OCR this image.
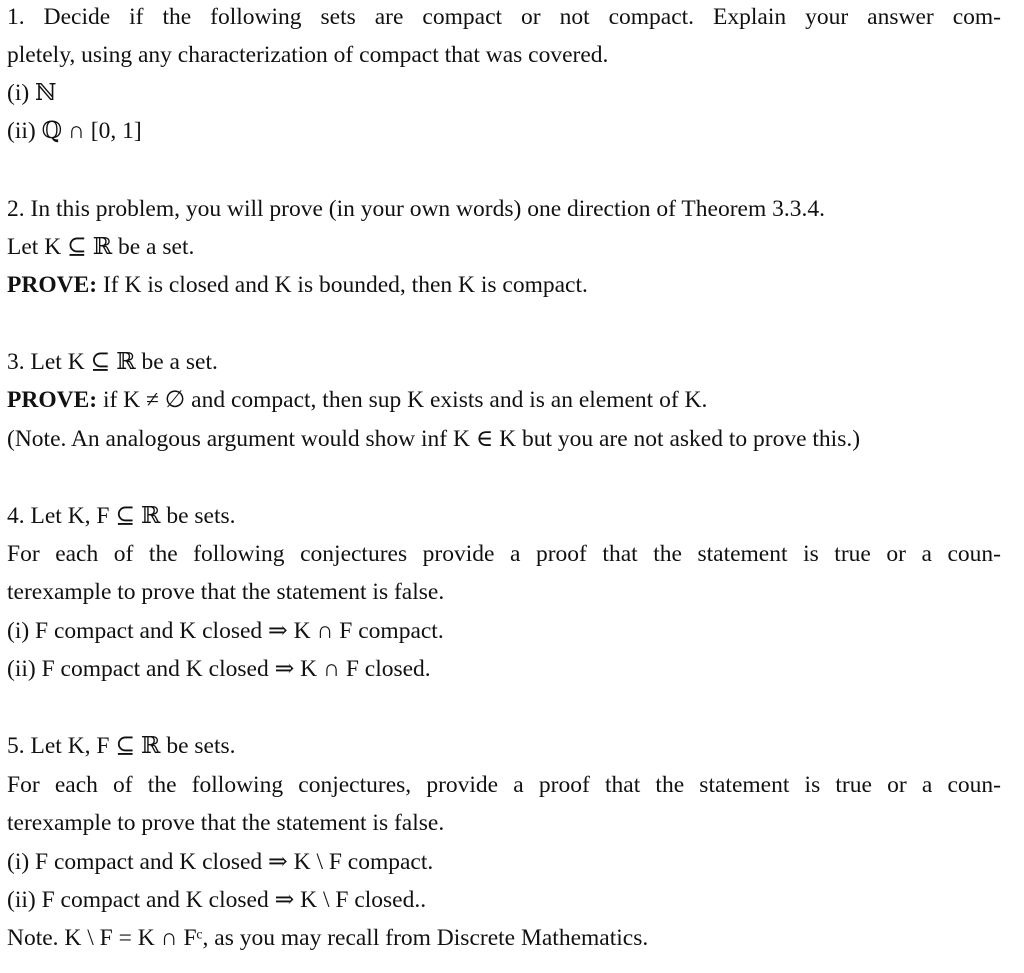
1. Decide if the following sets are compact or not compact. Explain your answer com-
pletely, using any characterization of compact that was covered.
(i) ℕ
(ii) ℚ ∩ [0, 1]
2. In this problem, you will prove (in your own words) one direction of Theorem 3.3.4.
Let K ⊆ ℝ be a set.
PROVE: If K is closed and K is bounded, then K is compact.
3. Let K ⊆ ℝ be a set.
PROVE: if K ≠ ∅ and compact, then sup K exists and is an element of K.
(Note. An analogous argument would show inf K ∈ K but you are not asked to prove this.)
4. Let K, F ⊆ ℝ be sets.
For each of the following conjectures provide a proof that the statement is true or a coun-
terexample to prove that the statement is false.
(i) F compact and K closed ⇒ K ∩ F compact.
(ii) F compact and K closed ⇒ K ∩ F closed.
5. Let K, F ⊆ ℝ be sets.
For each of the following conjectures, provide a proof that the statement is true or a coun-
terexample to prove that the statement is false.
(i) F compact and K closed ⇒ K \ F compact.
(ii) F compact and K closed ⇒ K \ F closed..
Note. K \ F = K ∩ Fᶜ, as you may recall from Discrete Mathematics.
